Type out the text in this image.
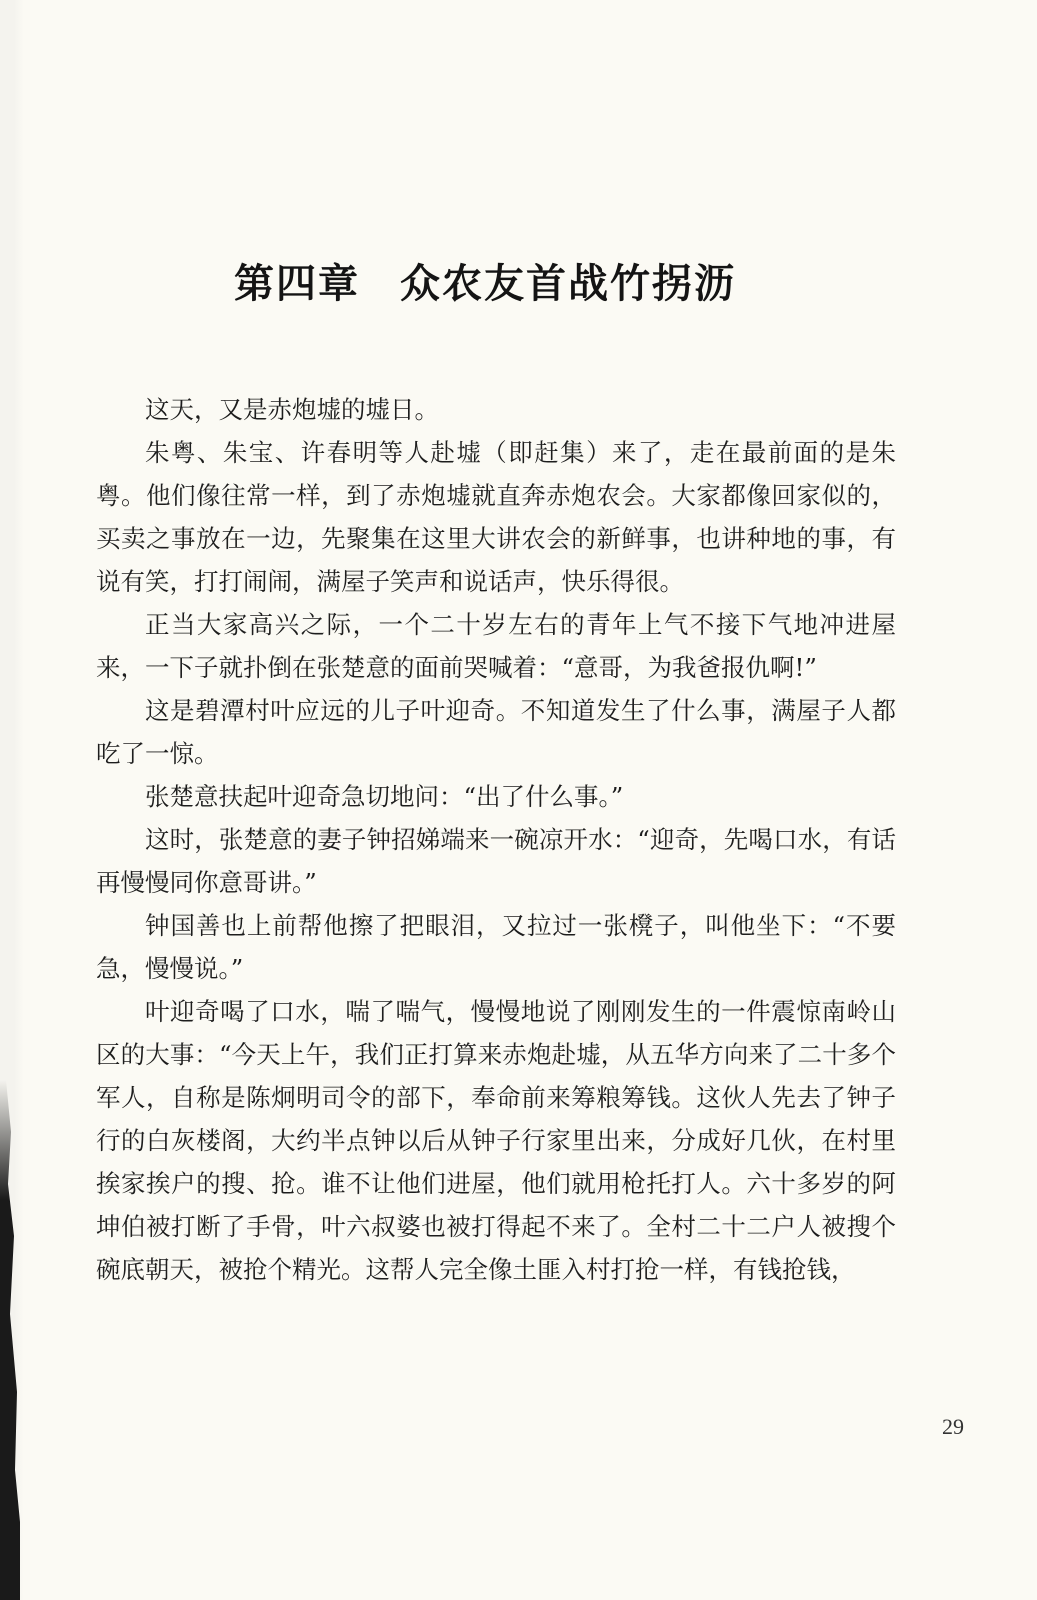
第四章 众农友首战竹拐沥

这天，又是赤炮墟的墟日。

朱粤、朱宝、许春明等人赴墟（即赶集）来了，走在最前面的是朱粤。他们像往常一样，到了赤炮墟就直奔赤炮农会。大家都像回家似的，买卖之事放在一边，先聚集在这里大讲农会的新鲜事，也讲种地的事，有说有笑，打打闹闹，满屋子笑声和说话声，快乐得很。

正当大家高兴之际，一个二十岁左右的青年上气不接下气地冲进屋来，一下子就扑倒在张楚意的面前哭喊着：“意哥，为我爸报仇啊!”

这是碧潭村叶应远的儿子叶迎奇。不知道发生了什么事，满屋子人都吃了一惊。

张楚意扶起叶迎奇急切地问：“出了什么事。”

这时，张楚意的妻子钟招娣端来一碗凉开水：“迎奇，先喝口水，有话再慢慢同你意哥讲。”

钟国善也上前帮他擦了把眼泪，又拉过一张櫈子，叫他坐下：“不要急，慢慢说。”

叶迎奇喝了口水，喘了喘气，慢慢地说了刚刚发生的一件震惊南岭山区的大事：“今天上午，我们正打算来赤炮赴墟，从五华方向来了二十多个军人，自称是陈炯明司令的部下，奉命前来筹粮筹钱。这伙人先去了钟子行的白灰楼阁，大约半点钟以后从钟子行家里出来，分成好几伙，在村里挨家挨户的搜、抢。谁不让他们进屋，他们就用枪托打人。六十多岁的阿坤伯被打断了手骨，叶六叔婆也被打得起不来了。全村二十二户人被搜个碗底朝天，被抢个精光。这帮人完全像土匪入村打抢一样，有钱抢钱，

29
